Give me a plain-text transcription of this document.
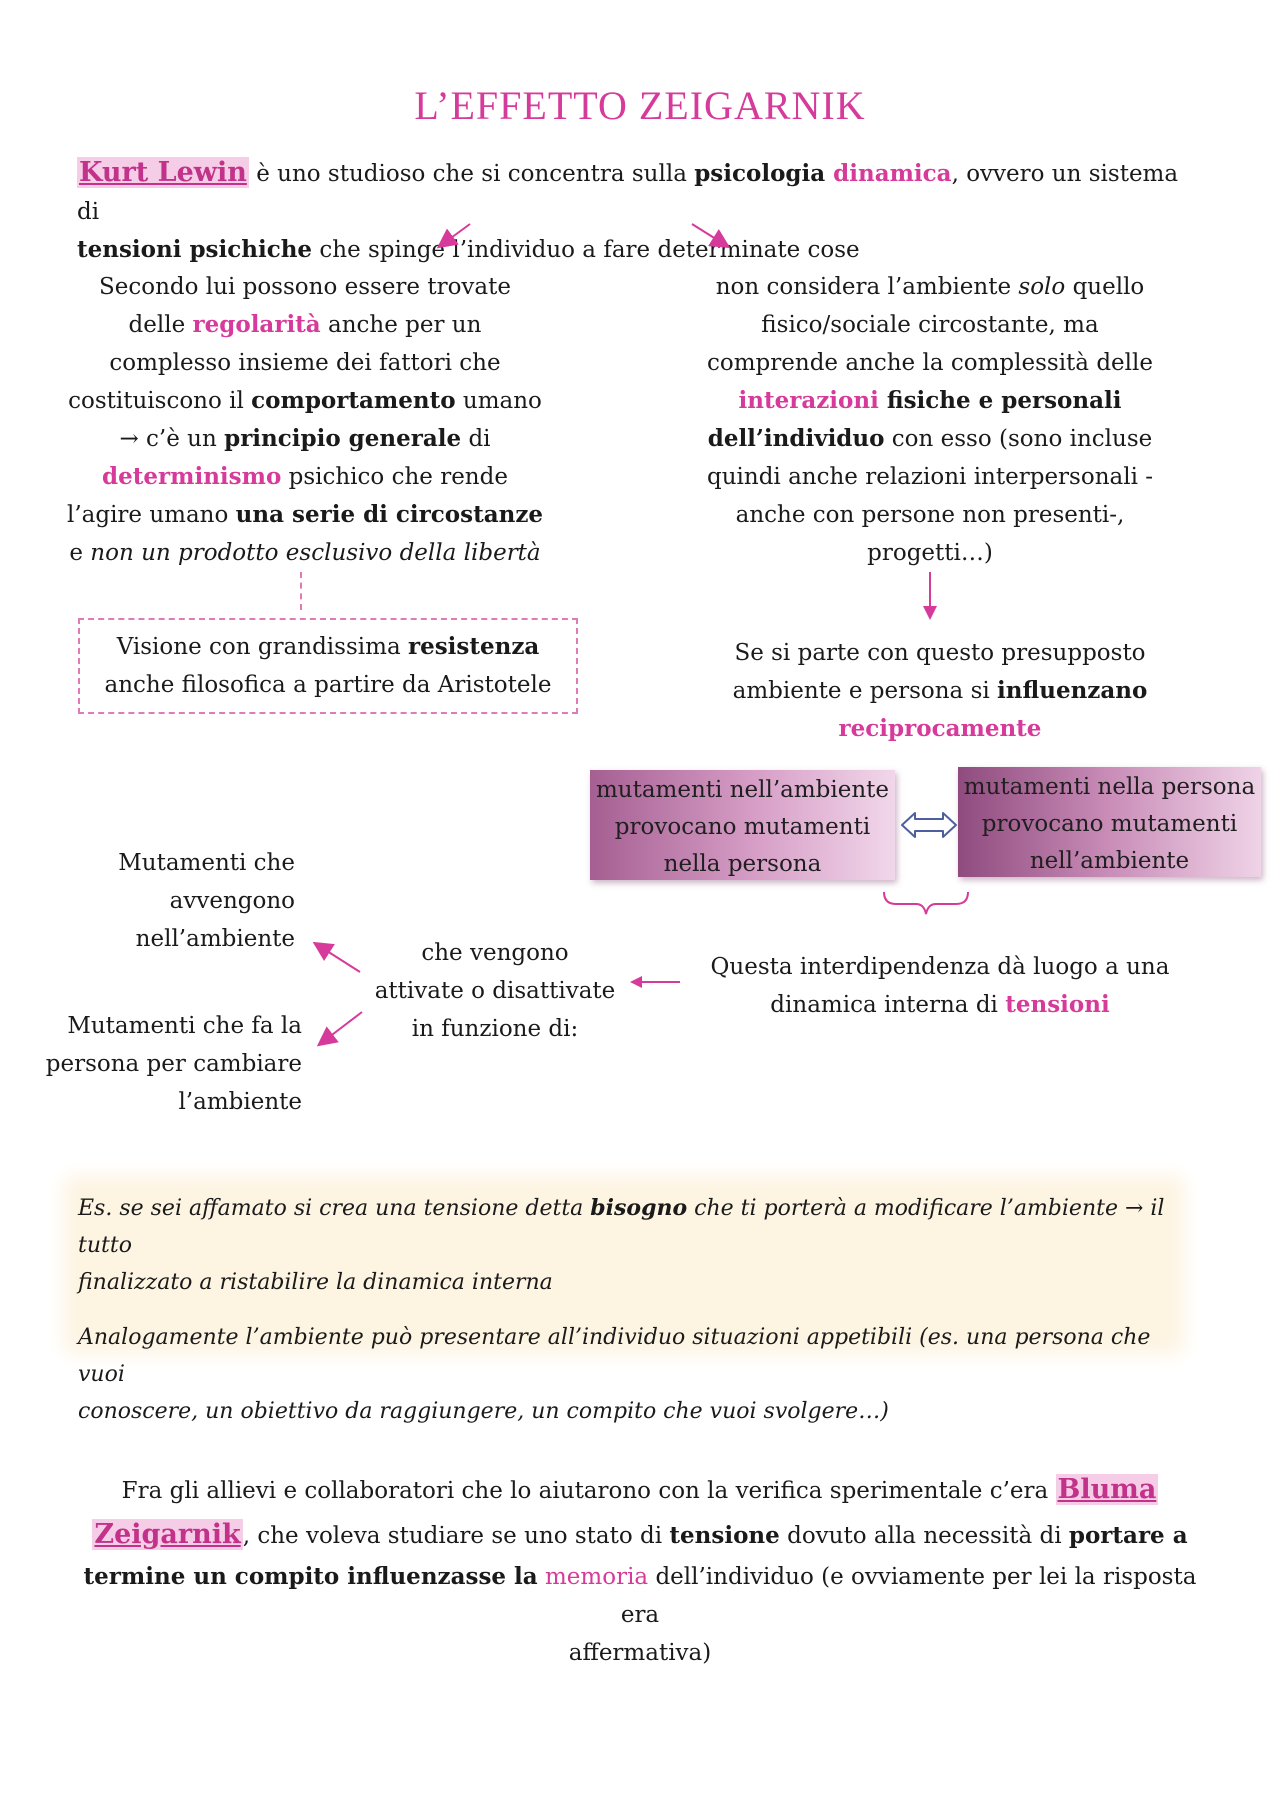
L’EFFETTO ZEIGARNIK
Kurt Lewin è uno studioso che si concentra sulla psicologia dinamica, ovvero un sistema di
tensioni psichiche che spinge l’individuo a fare determinate cose
Secondo lui possono essere trovate
delle regolarità anche per un
complesso insieme dei fattori che
costituiscono il comportamento umano
→ c’è un principio generale di
determinismo psichico che rende
l’agire umano una serie di circostanze
e non un prodotto esclusivo della libertà
Visione con grandissima resistenza
anche filosofica a partire da Aristotele
non considera l’ambiente solo quello
fisico/sociale circostante, ma
comprende anche la complessità delle
interazioni fisiche e personali
dell’individuo con esso (sono incluse
quindi anche relazioni interpersonali -
anche con persone non presenti-,
progetti…)
Se si parte con questo presupposto
ambiente e persona si influenzano
reciprocamente
mutamenti nell’ambiente
provocano mutamenti
nella persona
mutamenti nella persona
provocano mutamenti
nell’ambiente
Questa interdipendenza dà luogo a una
dinamica interna di tensioni
che vengono
attivate o disattivate
in funzione di:
Mutamenti che
avvengono
nell’ambiente
Mutamenti che fa la
persona per cambiare
l’ambiente
Es. se sei affamato si crea una tensione detta bisogno che ti porterà a modificare l’ambiente → il tutto
finalizzato a ristabilire la dinamica interna
Analogamente l’ambiente può presentare all’individuo situazioni appetibili (es. una persona che vuoi
conoscere, un obiettivo da raggiungere, un compito che vuoi svolgere…)
Fra gli allievi e collaboratori che lo aiutarono con la verifica sperimentale c’era Bluma
Zeigarnik, che voleva studiare se uno stato di tensione dovuto alla necessità di portare a
termine un compito influenzasse la memoria dell’individuo (e ovviamente per lei la risposta era
affermativa)
